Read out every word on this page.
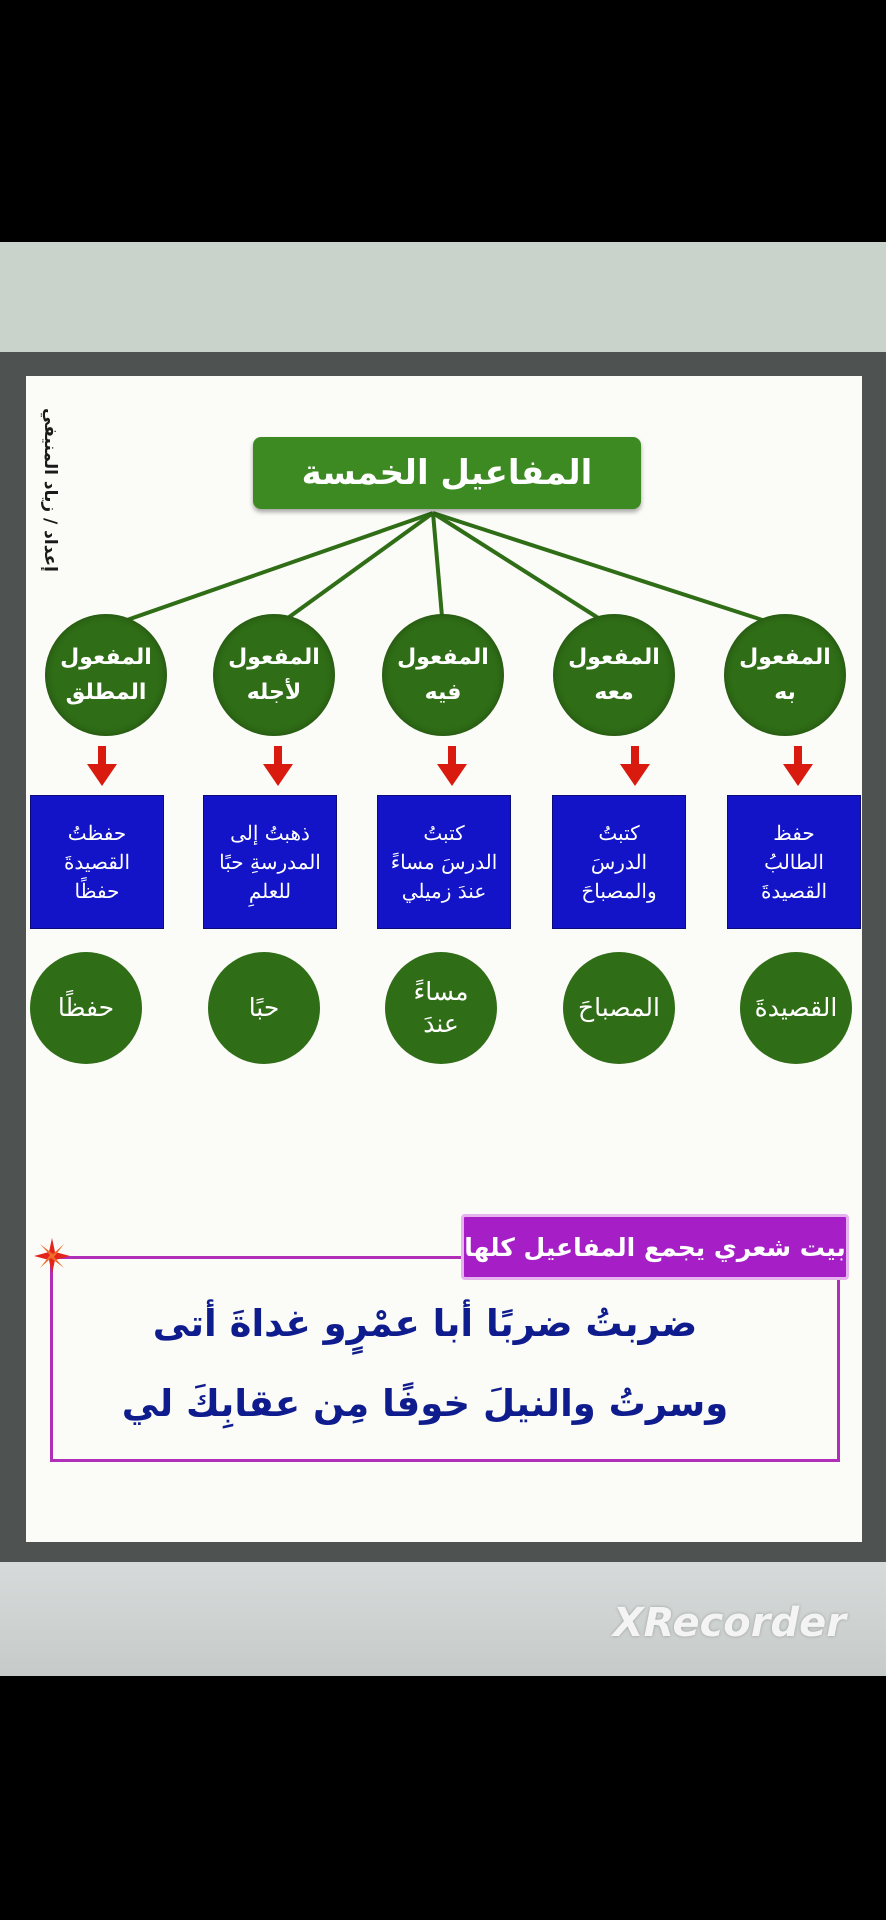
إعداد / زياد المنيفي	المفاعيل الخمسة
المفعول
به
حفظ
الطالبُ
القصيدةَ
القصيدةَ
المفعول
معه
كتبتُ
الدرسَ
والمصباحَ
المصباحَ
المفعول
فيه
كتبتُ
الدرسَ مساءً
عندَ زميلي
مساءً
عندَ
المفعول
لأجله
ذهبتُ إلى
المدرسةِ حبًا
للعلمِ
حبًا
المفعول
المطلق
حفظتُ
القصيدةَ
حفظًا
حفظًا
بيت شعري يجمع المفاعيل كلها
ضربتُ ضربًا أبا عمْرٍو غداةَ أتى
وسرتُ والنيلَ خوفًا مِن عقابِكَ لي
XRecorder
